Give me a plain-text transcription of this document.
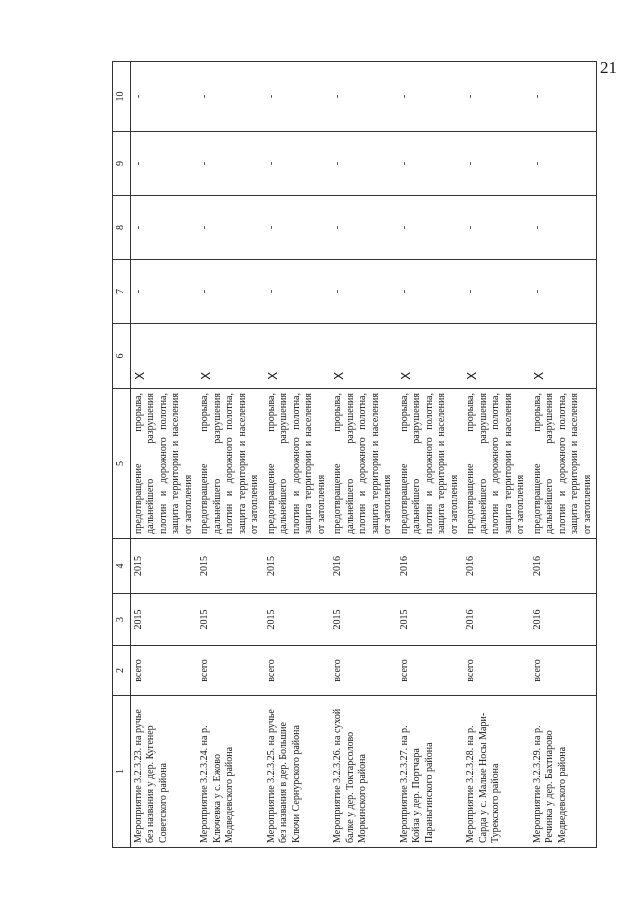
21
1	2	3	4	5	6	7	8	9	10
Мероприятие 3.2.3.23. на ручье без названия у дер. Кугенер Советского района	всего	2015	2015	предотвращение прорыва, дальнейшего разрушения плотин и дорожного полотна, защита территории и населения от затопления	X	-	-	-	-
Мероприятие 3.2.3.24. на р. Ключевка у с. Ежово Медведевского района	всего	2015	2015	предотвращение прорыва, дальнейшего разрушения плотин и дорожного полотна, защита территории и населения от затопления	X	-	-	-	-
Мероприятие 3.2.3.25. на ручье без названия в дер. Большие Ключи Сернурского района	всего	2015	2015	предотвращение прорыва, дальнейшего разрушения плотин и дорожного полотна, защита территории и населения от затопления	X	-	-	-	-
Мероприятие 3.2.3.26. на сухой балке у дер. Токтарсолово Моркинского района	всего	2015	2016	предотвращение прорыва, дальнейшего разрушения плотин и дорожного полотна, защита территории и населения от затопления	X	-	-	-	-
Мероприятие 3.2.3.27. на р. Койза у дер. Портчара Параньгинского района	всего	2015	2016	предотвращение прорыва, дальнейшего разрушения плотин и дорожного полотна, защита территории и населения от затопления	X	-	-	-	-
Мероприятие 3.2.3.28. на р. Сарда у с. Малые Носы Мари-Турекского района	всего	2016	2016	предотвращение прорыва, дальнейшего разрушения плотин и дорожного полотна, защита территории и населения от затопления	X	-	-	-	-
Мероприятие 3.2.3.29. на р. Речинка у дер. Бахтиарово Медведевского района	всего	2016	2016	предотвращение прорыва, дальнейшего разрушения плотин и дорожного полотна, защита территории и населения от затопления	X	-	-	-	-
